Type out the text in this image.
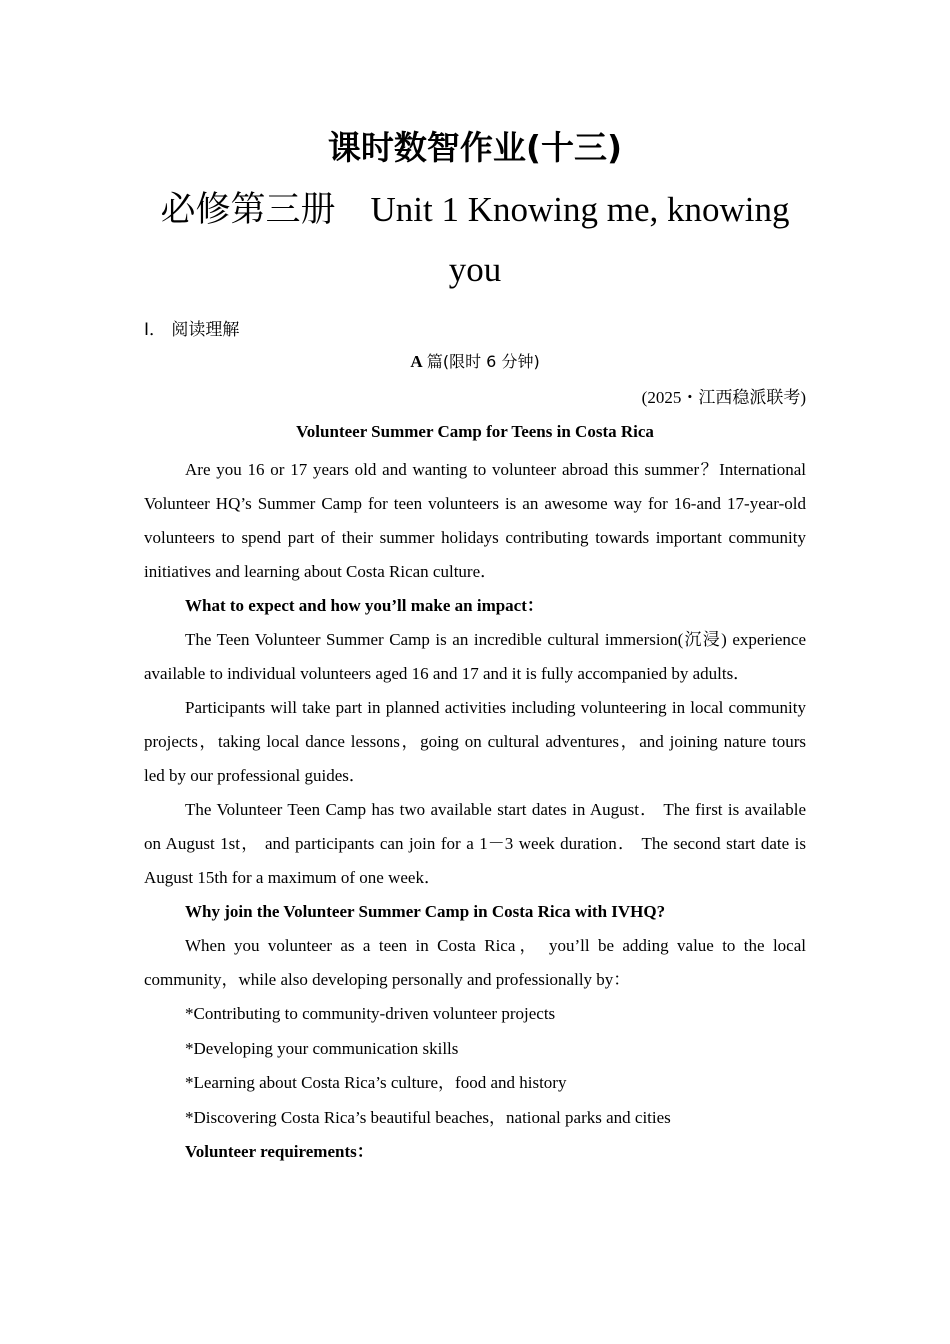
课时数智作业(十三)
必修第三册 Unit 1 Knowing me, knowing you
Ⅰ． 阅读理解
A 篇(限时 6 分钟)
(2025・江西稳派联考)
Volunteer Summer Camp for Teens in Costa Rica

Are you 16 or 17 years old and wanting to volunteer abroad this summer？International Volunteer HQ’s Summer Camp for teen volunteers is an awesome way for 16-and 17-year-old volunteers to spend part of their summer holidays contributing towards important community initiatives and learning about Costa Rican culture．

What to expect and how you’ll make an impact：

The Teen Volunteer Summer Camp is an incredible cultural immersion(沉浸) experience available to individual volunteers aged 16 and 17 and it is fully accompanied by adults．

Participants will take part in planned activities including volunteering in local community projects，taking local dance lessons，going on cultural adventures，and joining nature tours led by our professional guides．

The Volunteer Teen Camp has two available start dates in August． The first is available on August 1st， and participants can join for a 1－3 week duration． The second start date is August 15th for a maximum of one week．

Why join the Volunteer Summer Camp in Costa Rica with IVHQ?

When you volunteer as a teen in Costa Rica， you’ll be adding value to the local community，while also developing personally and professionally by：

*Contributing to community-driven volunteer projects
*Developing your communication skills
*Learning about Costa Rica’s culture，food and history
*Discovering Costa Rica’s beautiful beaches，national parks and cities

Volunteer requirements：
